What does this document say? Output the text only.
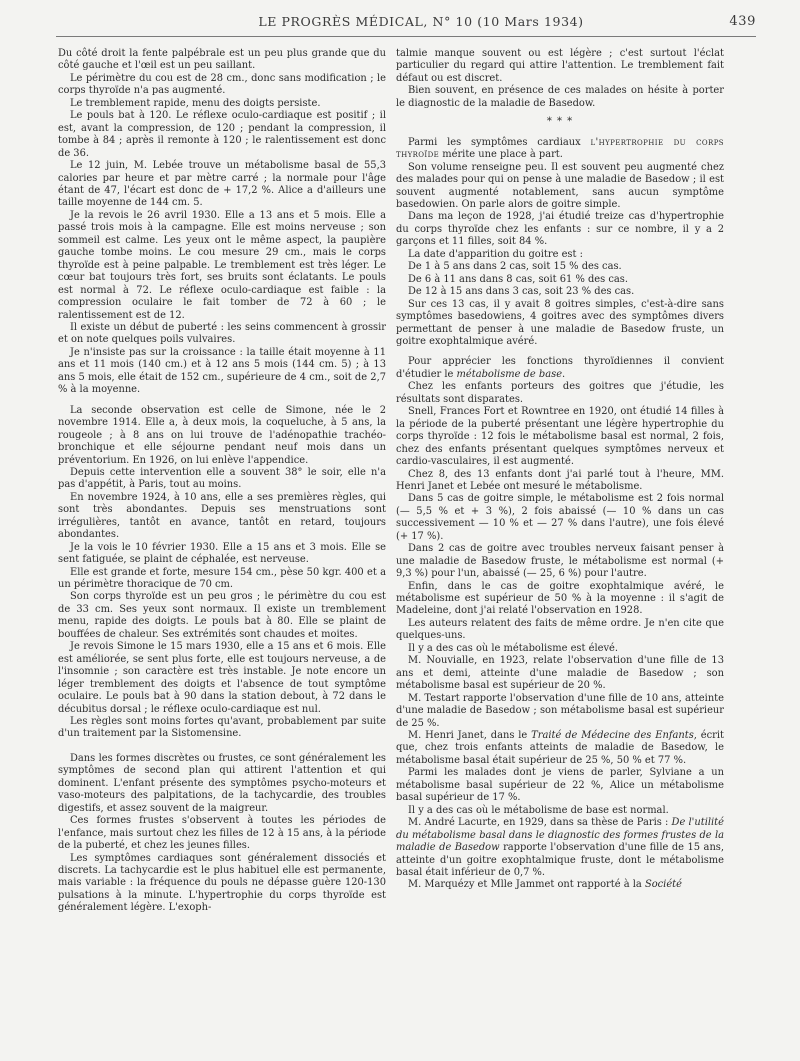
LE PROGRÈS MÉDICAL, N° 10 (10 Mars 1934)	439

Du côté droit la fente palpébrale est un peu plus grande que du côté gauche et l'œil est un peu saillant.

Le périmètre du cou est de 28 cm., donc sans modification ; le corps thyroïde n'a pas augmenté.

Le tremblement rapide, menu des doigts persiste.

Le pouls bat à 120. Le réflexe oculo-cardiaque est positif ; il est, avant la compression, de 120 ; pendant la compression, il tombe à 84 ; après il remonte à 120 ; le ralentissement est donc de 36.

Le 12 juin, M. Lebée trouve un métabolisme basal de 55,3 calories par heure et par mètre carré ; la normale pour l'âge étant de 47, l'écart est donc de + 17,2 %. Alice a d'ailleurs une taille moyenne de 144 cm. 5.

Je la revois le 26 avril 1930. Elle a 13 ans et 5 mois. Elle a passé trois mois à la campagne. Elle est moins nerveuse ; son sommeil est calme. Les yeux ont le même aspect, la paupière gauche tombe moins. Le cou mesure 29 cm., mais le corps thyroïde est à peine palpable. Le tremblement est très léger. Le cœur bat toujours très fort, ses bruits sont éclatants. Le pouls est normal à 72. Le réflexe oculo-cardiaque est faible : la compression oculaire le fait tomber de 72 à 60 ; le ralentissement est de 12.

Il existe un début de puberté : les seins commencent à grossir et on note quelques poils vulvaires.

Je n'insiste pas sur la croissance : la taille était moyenne à 11 ans et 11 mois (140 cm.) et à 12 ans 5 mois (144 cm. 5) ; à 13 ans 5 mois, elle était de 152 cm., supérieure de 4 cm., soit de 2,7 % à la moyenne.

La seconde observation est celle de Simone, née le 2 novembre 1914. Elle a, à deux mois, la coqueluche, à 5 ans, la rougeole ; à 8 ans on lui trouve de l'adénopathie trachéo-bronchique et elle séjourne pendant neuf mois dans un préventorium. En 1926, on lui enlève l'appendice.

Depuis cette intervention elle a souvent 38° le soir, elle n'a pas d'appétit, à Paris, tout au moins.

En novembre 1924, à 10 ans, elle a ses premières règles, qui sont très abondantes. Depuis ses menstruations sont irrégulières, tantôt en avance, tantôt en retard, toujours abondantes.

Je la vois le 10 février 1930. Elle a 15 ans et 3 mois. Elle se sent fatiguée, se plaint de céphalée, est nerveuse.

Elle est grande et forte, mesure 154 cm., pèse 50 kgr. 400 et a un périmètre thoracique de 70 cm.

Son corps thyroïde est un peu gros ; le périmètre du cou est de 33 cm. Ses yeux sont normaux. Il existe un tremblement menu, rapide des doigts. Le pouls bat à 80. Elle se plaint de bouffées de chaleur. Ses extrémités sont chaudes et moites.

Je revois Simone le 15 mars 1930, elle a 15 ans et 6 mois. Elle est améliorée, se sent plus forte, elle est toujours nerveuse, a de l'insomnie ; son caractère est très instable. Je note encore un léger tremblement des doigts et l'absence de tout symptôme oculaire. Le pouls bat à 90 dans la station debout, à 72 dans le décubitus dorsal ; le réflexe oculo-cardiaque est nul.

Les règles sont moins fortes qu'avant, probablement par suite d'un traitement par la Sistomensine.

Dans les formes discrètes ou frustes, ce sont généralement les symptômes de second plan qui attirent l'attention et qui dominent. L'enfant présente des symptômes psycho-moteurs et vaso-moteurs des palpitations, de la tachycardie, des troubles digestifs, et assez souvent de la maigreur.

Ces formes frustes s'observent à toutes les périodes de l'enfance, mais surtout chez les filles de 12 à 15 ans, à la période de la puberté, et chez les jeunes filles.

Les symptômes cardiaques sont généralement dissociés et discrets. La tachycardie est le plus habituel elle est permanente, mais variable : la fréquence du pouls ne dépasse guère 120-130 pulsations à la minute. L'hypertrophie du corps thyroïde est généralement légère. L'exoph-

talmie manque souvent ou est légère ; c'est surtout l'éclat particulier du regard qui attire l'attention. Le tremblement fait défaut ou est discret.

Bien souvent, en présence de ces malades on hésite à porter le diagnostic de la maladie de Basedow.

* * *

Parmi les symptômes cardiaux l'hypertrophie du corps thyroïde mérite une place à part.

Son volume renseigne peu. Il est souvent peu augmenté chez des malades pour qui on pense à une maladie de Basedow ; il est souvent augmenté notablement, sans aucun symptôme basedowien. On parle alors de goitre simple.

Dans ma leçon de 1928, j'ai étudié treize cas d'hypertrophie du corps thyroïde chez les enfants : sur ce nombre, il y a 2 garçons et 11 filles, soit 84 %.

La date d'apparition du goitre est :

De 1 à 5 ans dans 2 cas, soit 15 % des cas.

De 6 à 11 ans dans 8 cas, soit 61 % des cas.

De 12 à 15 ans dans 3 cas, soit 23 % des cas.

Sur ces 13 cas, il y avait 8 goitres simples, c'est-à-dire sans symptômes basedowiens, 4 goitres avec des symptômes divers permettant de penser à une maladie de Basedow fruste, un goitre exophtalmique avéré.

Pour apprécier les fonctions thyroïdiennes il convient d'étudier le métabolisme de base.

Chez les enfants porteurs des goitres que j'étudie, les résultats sont disparates.

Snell, Frances Fort et Rowntree en 1920, ont étudié 14 filles à la période de la puberté présentant une légère hypertrophie du corps thyroïde : 12 fois le métabolisme basal est normal, 2 fois, chez des enfants présentant quelques symptômes nerveux et cardio-vasculaires, il est augmenté.

Chez 8, des 13 enfants dont j'ai parlé tout à l'heure, MM. Henri Janet et Lebée ont mesuré le métabolisme.

Dans 5 cas de goitre simple, le métabolisme est 2 fois normal (— 5,5 % et + 3 %), 2 fois abaissé (— 10 % dans un cas successivement — 10 % et — 27 % dans l'autre), une fois élevé (+ 17 %).

Dans 2 cas de goitre avec troubles nerveux faisant penser à une maladie de Basedow fruste, le métabolisme est normal (+ 9,3 %) pour l'un, abaissé (— 25, 6 %) pour l'autre.

Enfin, dans le cas de goitre exophtalmique avéré, le métabolisme est supérieur de 50 % à la moyenne : il s'agit de Madeleine, dont j'ai relaté l'observation en 1928.

Les auteurs relatent des faits de même ordre. Je n'en cite que quelques-uns.

Il y a des cas où le métabolisme est élevé.

M. Nouvialle, en 1923, relate l'observation d'une fille de 13 ans et demi, atteinte d'une maladie de Basedow ; son métabolisme basal est supérieur de 20 %.

M. Testart rapporte l'observation d'une fille de 10 ans, atteinte d'une maladie de Basedow ; son métabolisme basal est supérieur de 25 %.

M. Henri Janet, dans le Traité de Médecine des Enfants, écrit que, chez trois enfants atteints de maladie de Basedow, le métabolisme basal était supérieur de 25 %, 50 % et 77 %.

Parmi les malades dont je viens de parler, Sylviane a un métabolisme basal supérieur de 22 %, Alice un métabolisme basal supérieur de 17 %.

Il y a des cas où le métabolisme de base est normal.

M. André Lacurte, en 1929, dans sa thèse de Paris : De l'utilité du métabolisme basal dans le diagnostic des formes frustes de la maladie de Basedow rapporte l'observation d'une fille de 15 ans, atteinte d'un goitre exophtalmique fruste, dont le métabolisme basal était inférieur de 0,7 %.

M. Marquézy et Mlle Jammet ont rapporté à la Société
